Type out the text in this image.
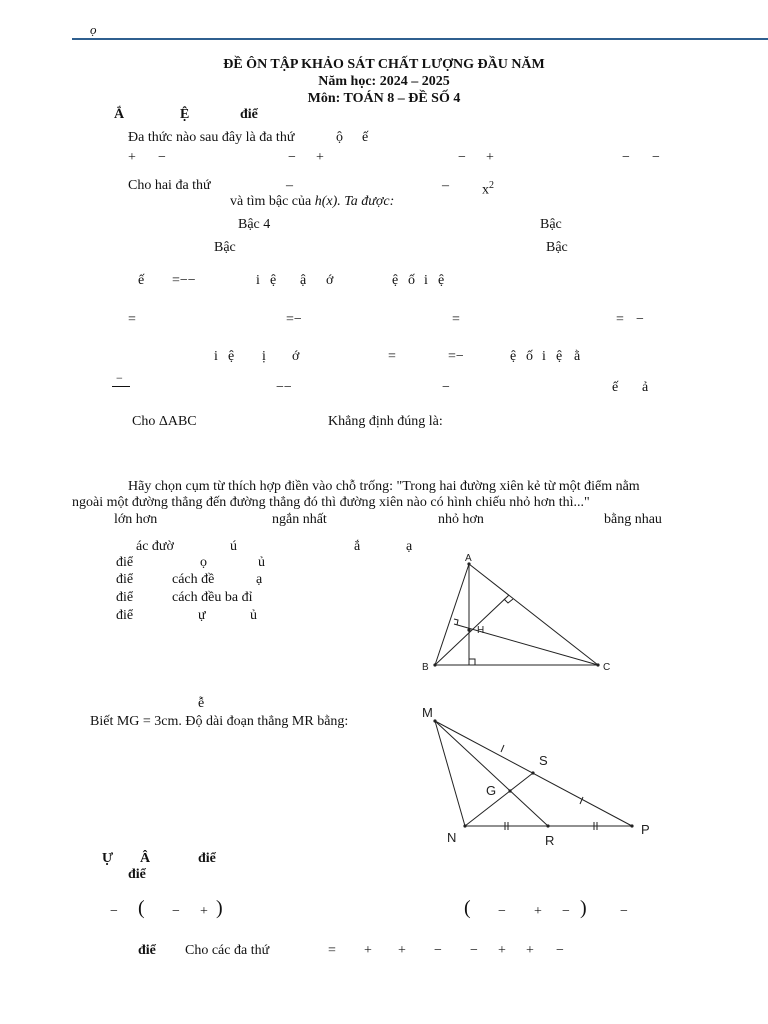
ọ
ĐỀ ÔN TẬP KHẢO SÁT CHẤT LƯỢNG ĐẦU NĂM
Năm học: 2024 – 2025
Môn: TOÁN 8 – ĐỀ SỐ 4
Ắ	Ệ	điể
Đa thức nào sau đây là đa thứ	ộ ế
+ −	− +	− +	− −
Cho hai đa thứ	–	– $x^2$
và tìm bậc của h(x). Ta được:
Bậc 4	Bậc
Bậc	Bậc
ế =−−	i ệ ậ ớ	ệ ố i ệ
=	=−	=	= −
i ệ ị ớ	=	=−	ệ ố i ệ ằ
−
−−	−	ế ả
Cho ΔABC	Khẳng định đúng là:
Hãy chọn cụm từ thích hợp điền vào chỗ trống: "Trong hai đường xiên kẻ từ một điểm nằm
ngoài một đường thẳng đến đường thẳng đó thì đường xiên nào có hình chiếu nhỏ hơn thì..."
lớn hơn	ngắn nhất	nhỏ hơn	bằng nhau
ác đườ	ú	ắ	ạ
điể	ọ	ủ
điể	cách đề	ạ
điể	cách đều ba đỉ
điể	ự	ủ
A
B	C
H
ễ
Biết MG = 3cm. Độ dài đoạn thẳng MR bằng:
M
S
G
N	R
P
Ự Â	điể
điể
− ( − + )	( − + − ) −
điể Cho các đa thứ	= + + − − + + −
